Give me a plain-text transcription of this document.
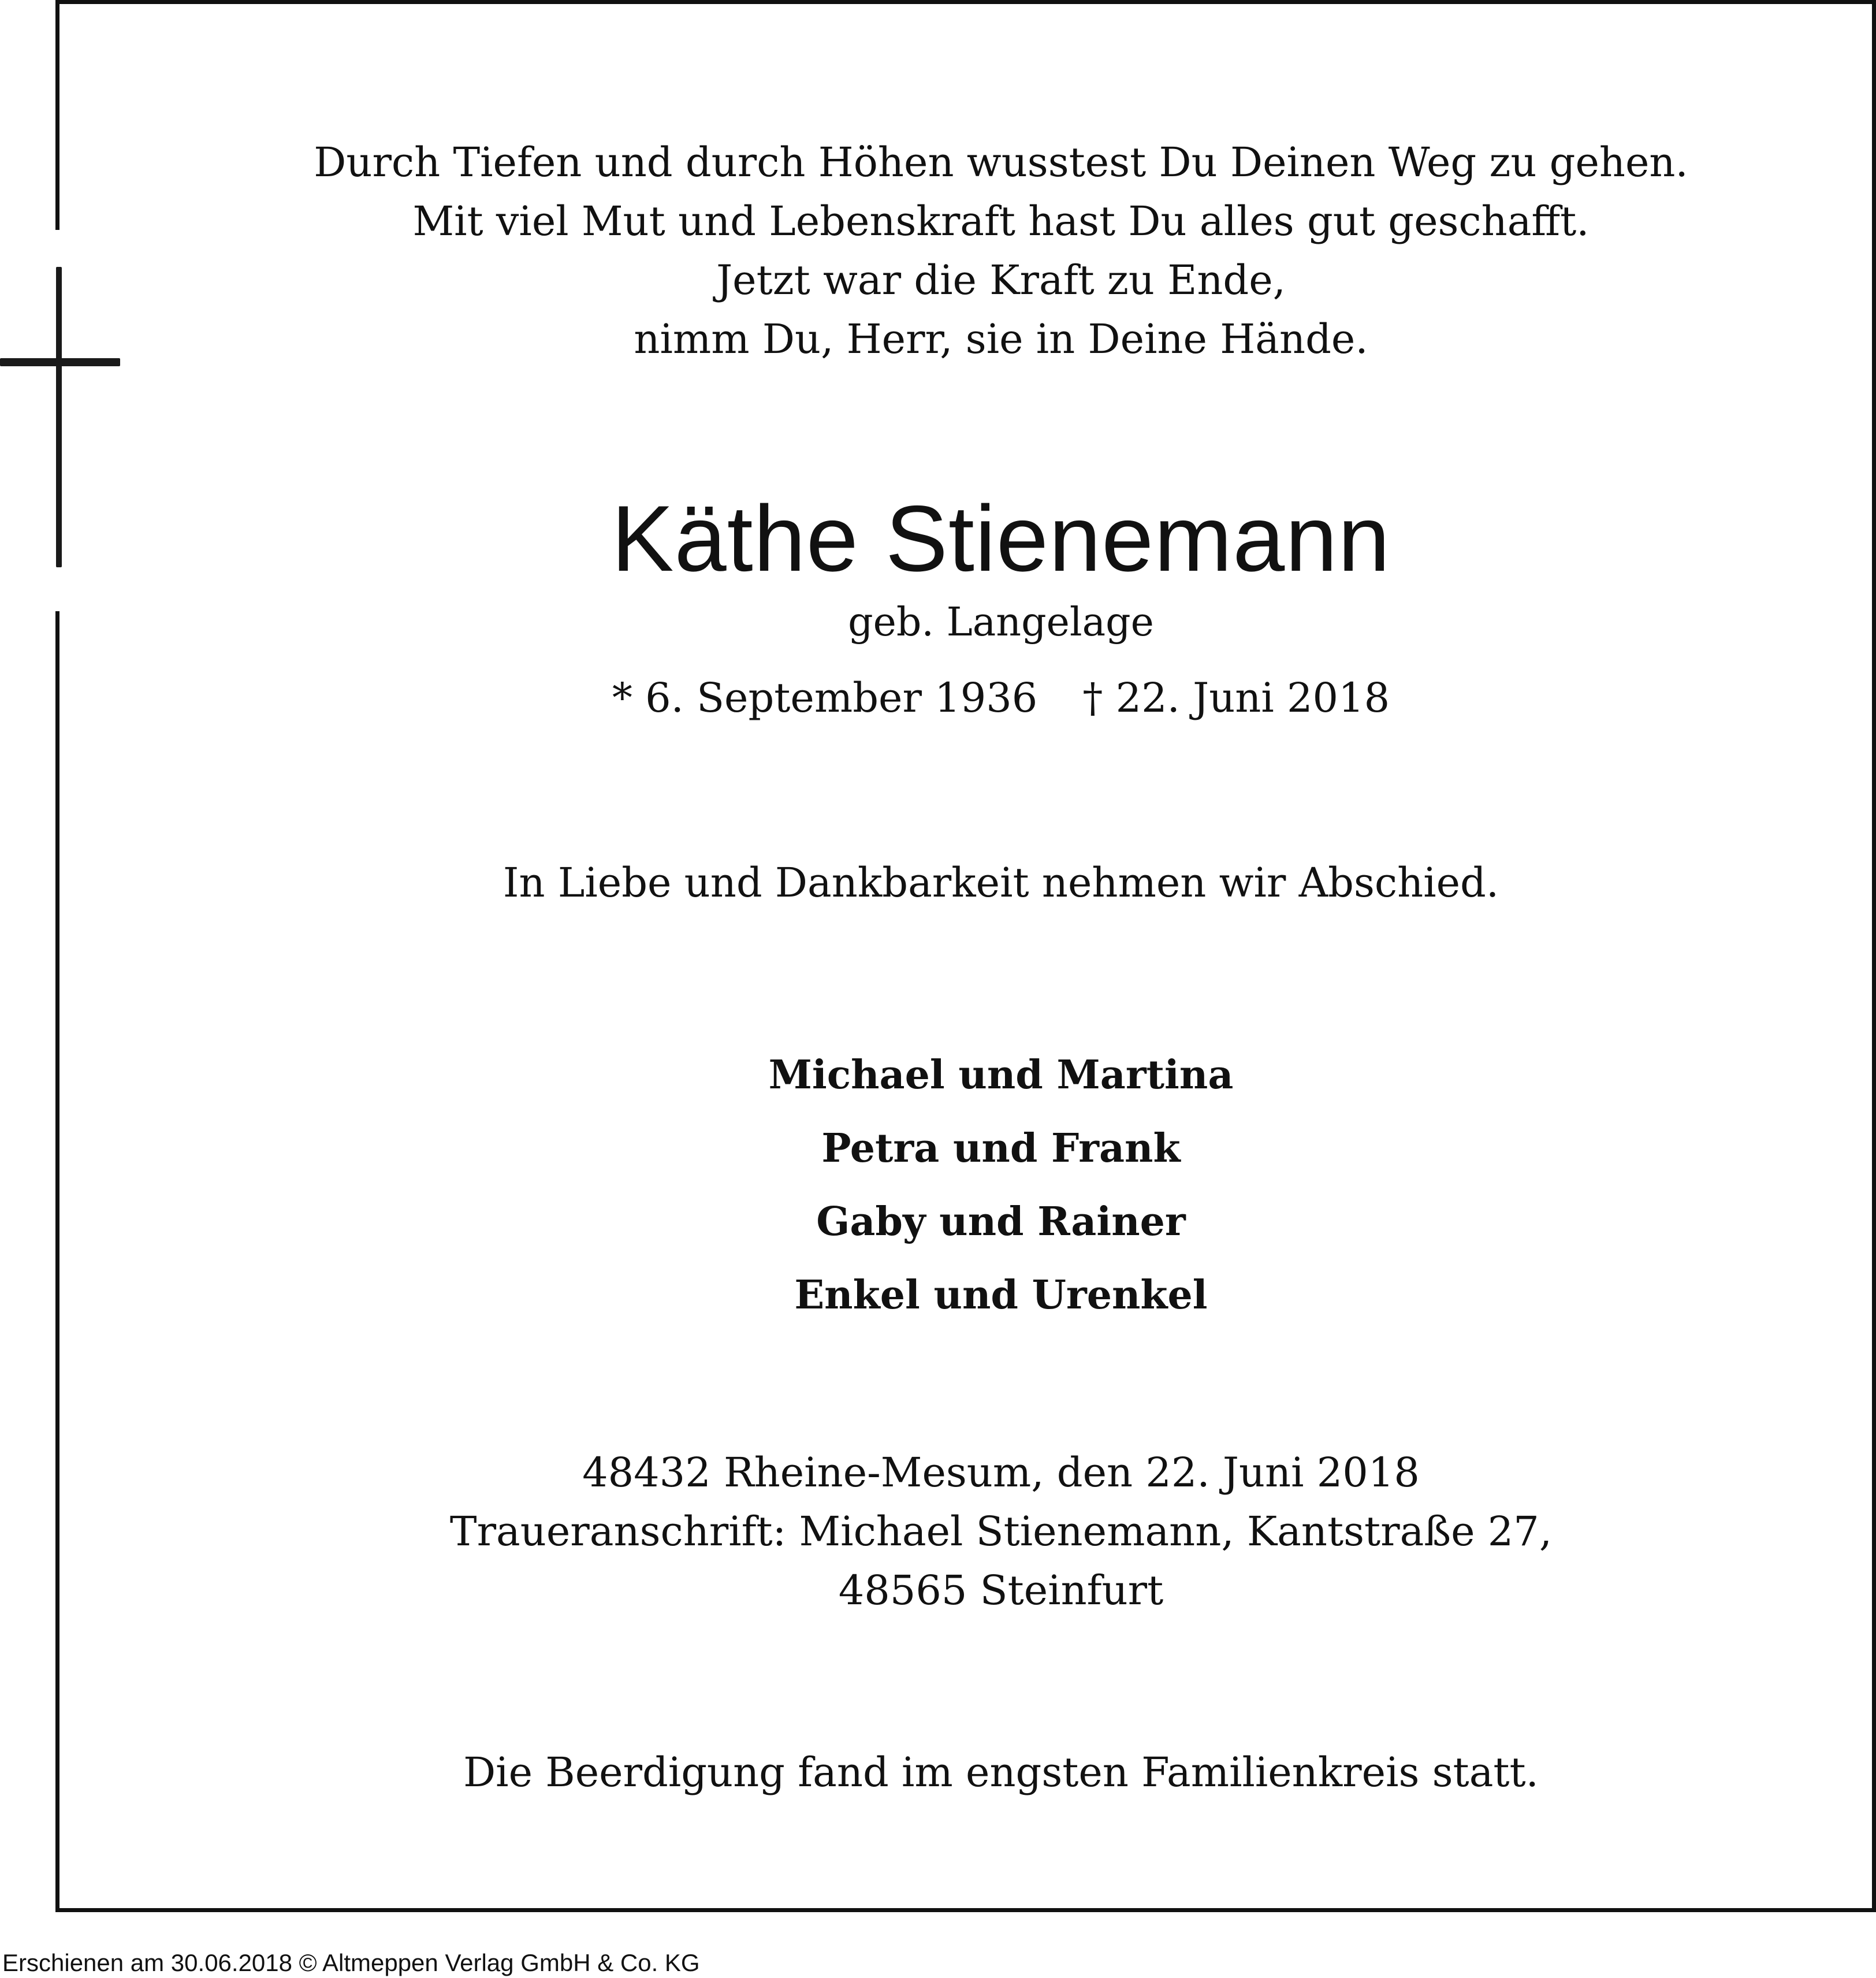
Durch Tiefen und durch Höhen wusstest Du Deinen Weg zu gehen.
Mit viel Mut und Lebenskraft hast Du alles gut geschafft.
Jetzt war die Kraft zu Ende,
nimm Du, Herr, sie in Deine Hände.
Käthe Stienemann
geb. Langelage
* 6. September 1936 † 22. Juni 2018
In Liebe und Dankbarkeit nehmen wir Abschied.
Michael und Martina
Petra und Frank
Gaby und Rainer
Enkel und Urenkel
48432 Rheine-Mesum, den 22. Juni 2018
Traueranschrift: Michael Stienemann, Kantstraße 27,
48565 Steinfurt
Die Beerdigung fand im engsten Familienkreis statt.
Erschienen am 30.06.2018 © Altmeppen Verlag GmbH & Co. KG
